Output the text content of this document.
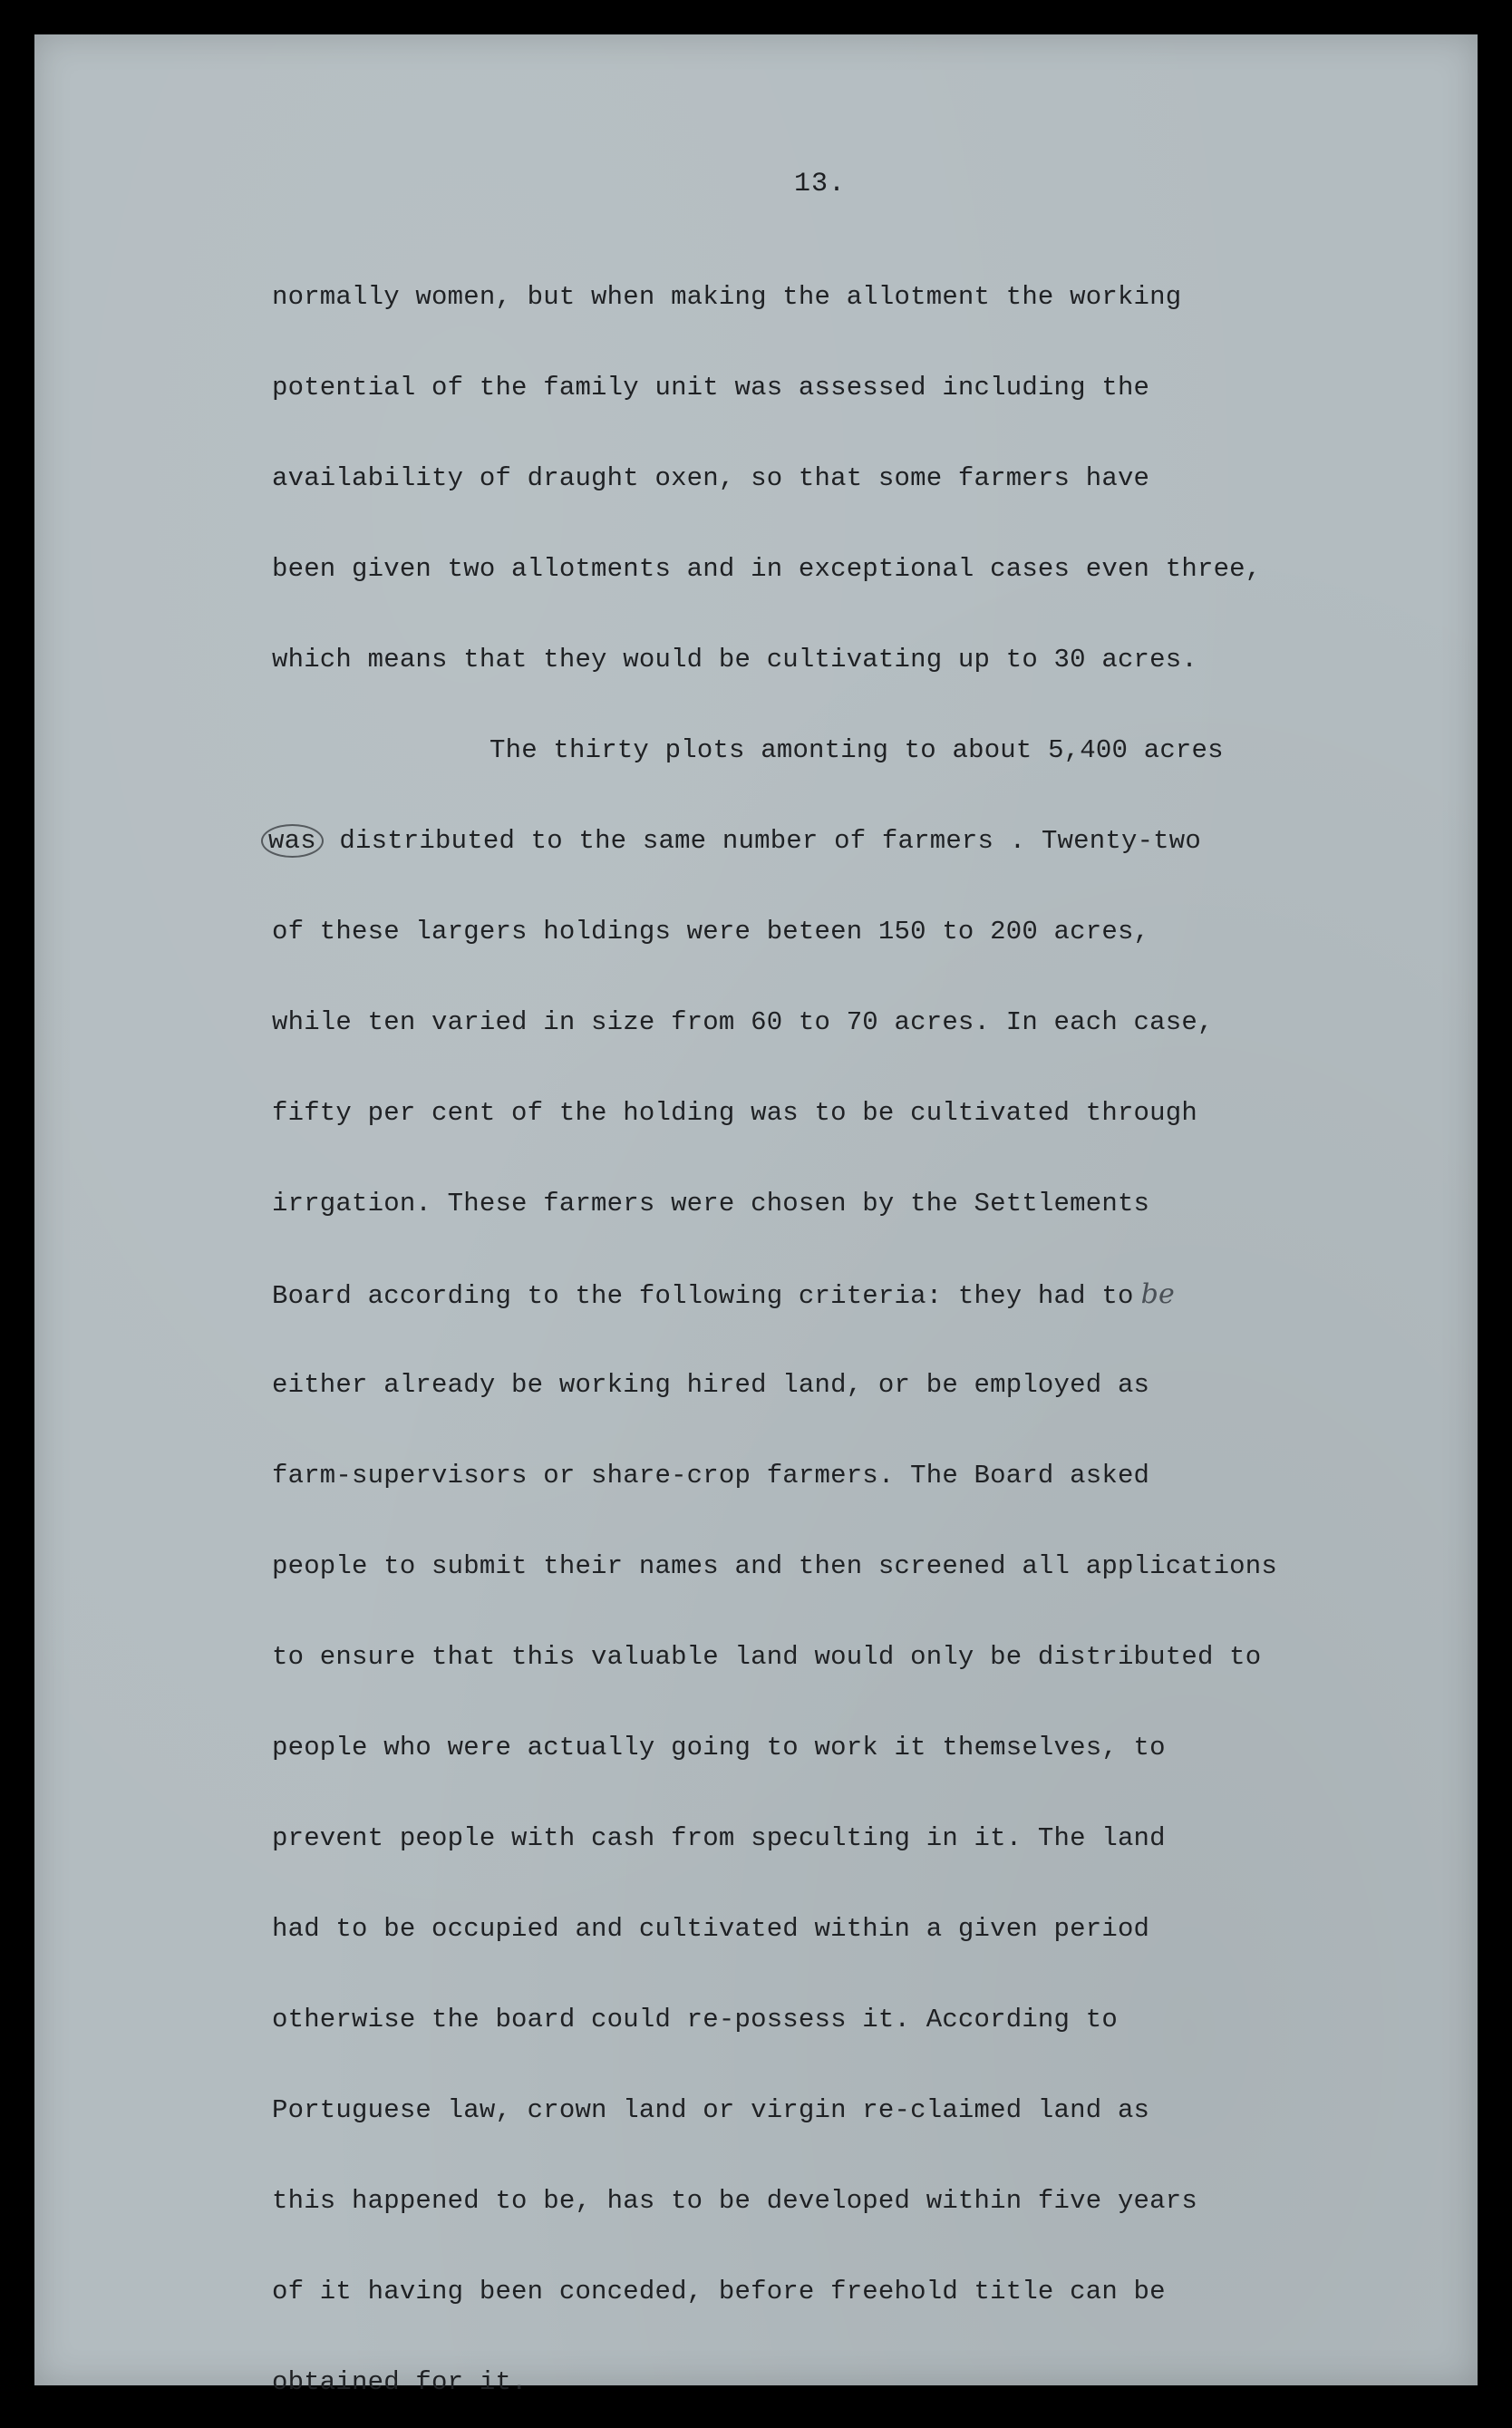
13.
normally women, but when making the allotment the working
potential of the family unit was assessed including the
availability of draught oxen, so that some farmers have
been given two allotments and in exceptional cases even three,
which means that they would be cultivating up to 30 acres.
The thirty plots amonting to about 5,400 acres
was distributed to the same number of farmers . Twenty-two
of these largers holdings were beteen 150 to 200 acres,
while ten varied in size from 60 to 70 acres. In each case,
fifty per cent of the holding was to be cultivated through
irrgation. These farmers were chosen by the Settlements
Board according to the following criteria: they had to be
either already be working hired land, or be employed as
farm-supervisors or share-crop farmers. The Board asked
people to submit their names and then screened all applications
to ensure that this valuable land would only be distributed to
people who were actually going to work it themselves, to
prevent people with cash from speculting in it. The land
had to be occupied and cultivated within a given period
otherwise the board could re-possess it. According to
Portuguese law, crown land or virgin re-claimed land as
this happened to be, has to be developed within five years
of it having been conceded, before freehold title can be
obtained for it.
